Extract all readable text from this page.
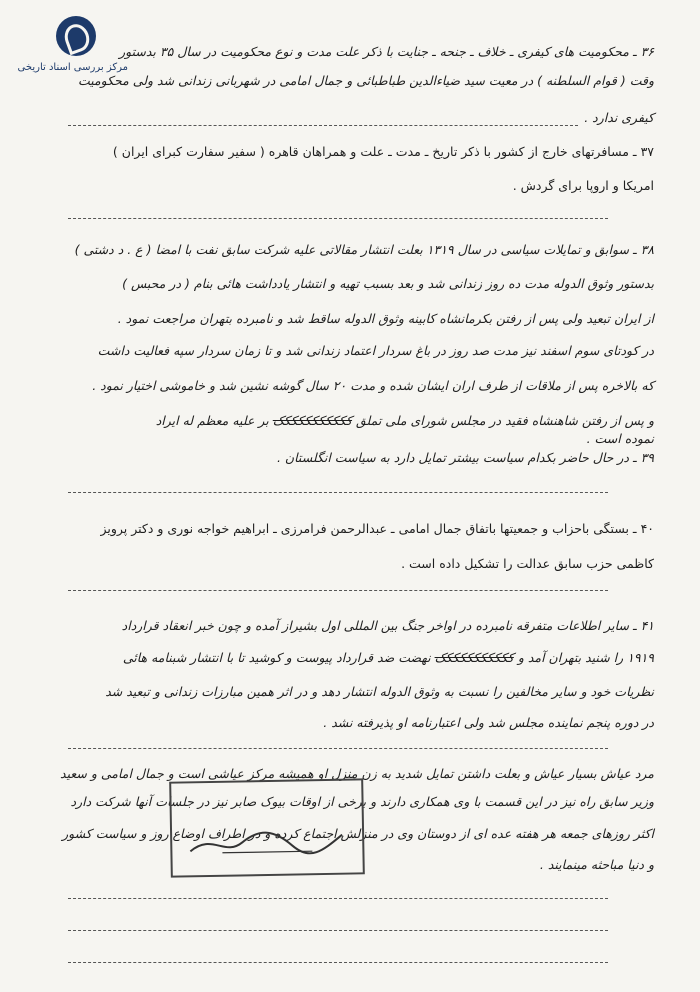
مرکز بررسی اسناد تاریخی
۳۶ ـ محکومیت های کیفری ـ خلاف ـ جنحه ـ جنایت با ذکر علت مدت و نوع محکومیت در سال ۳۵ بدستور
وقت ( قوام السلطنه ) در معیت سید ضیاءالدین طباطبائی و جمال امامی در شهربانی زندانی شد ولی محکومیت
کیفری ندارد .
۳۷ ـ مسافرتهای خارج از کشور با ذکر تاریخ ـ مدت ـ علت و همراهان قاهره ( سفیر سفارت کبرای ایران )
امریکا و اروپا برای گردش .
۳۸ ـ سوابق و تمایلات سیاسی در سال ۱۳۱۹ بعلت انتشار مقالاتی علیه شرکت سابق نفت با امضا ( ع . د دشتی )
بدستور وثوق الدوله مدت ده روز زندانی شد و بعد بسبب تهیه و انتشار یادداشت هائی بنام ( در محبس )
از ایران تبعید ولی پس از رفتن بکرمانشاه کابینه وثوق الدوله ساقط شد و نامبرده بتهران مراجعت نمود .
در کودتای سوم اسفند نیز مدت صد روز در باغ سردار اعتماد زندانی شد و تا زمان سردار سپه فعالیت داشت
که بالاخره پس از ملاقات از طرف اران ایشان شده و مدت ۲۰ سال گوشه نشین شد و خاموشی اختیار نمود .
و پس از رفتن شاهنشاه فقید در مجلس شورای ملی تملق ککککککککککک بر علیه معظم له ایراد
نموده است .
۳۹ ـ در حال حاضر بکدام سیاست بیشتر تمایل دارد به سیاست انگلستان .
۴۰ ـ بستگی باحزاب و جمعیتها باتفاق جمال امامی ـ عبدالرحمن فرامرزی ـ ابراهیم خواجه نوری و دکتر پرویز
کاظمی حزب سابق عدالت را تشکیل داده است .
۴۱ ـ سایر اطلاعات متفرقه نامبرده در اواخر جنگ بین المللی اول بشیراز آمده و چون خبر انعقاد قرارداد
۱۹۱۹ را شنید بتهران آمد و ککککککککککک نهضت ضد قرارداد پیوست و کوشید تا با انتشار شبنامه هائی
نظریات خود و سایر مخالفین را نسبت به وثوق الدوله انتشار دهد و در اثر همین مبارزات زندانی و تبعید شد
در دوره پنجم نماینده مجلس شد ولی اعتبارنامه او پذیرفته نشد .
مرد عیاش بسیار عیاش و بعلت داشتن تمایل شدید به زن منزل او همیشه مرکز عیاشی است و جمال امامی و سعید
وزیر سابق راه نیز در این قسمت با وی همکاری دارند و برخی از اوقات بیوک صابر نیز در جلسات آنها شرکت دارد
اکثر روزهای جمعه هر هفته عده ای از دوستان وی در منزلش اجتماع کرده و در اطراف اوضاع روز و سیاست کشور
و دنیا مباحثه مینمایند .
